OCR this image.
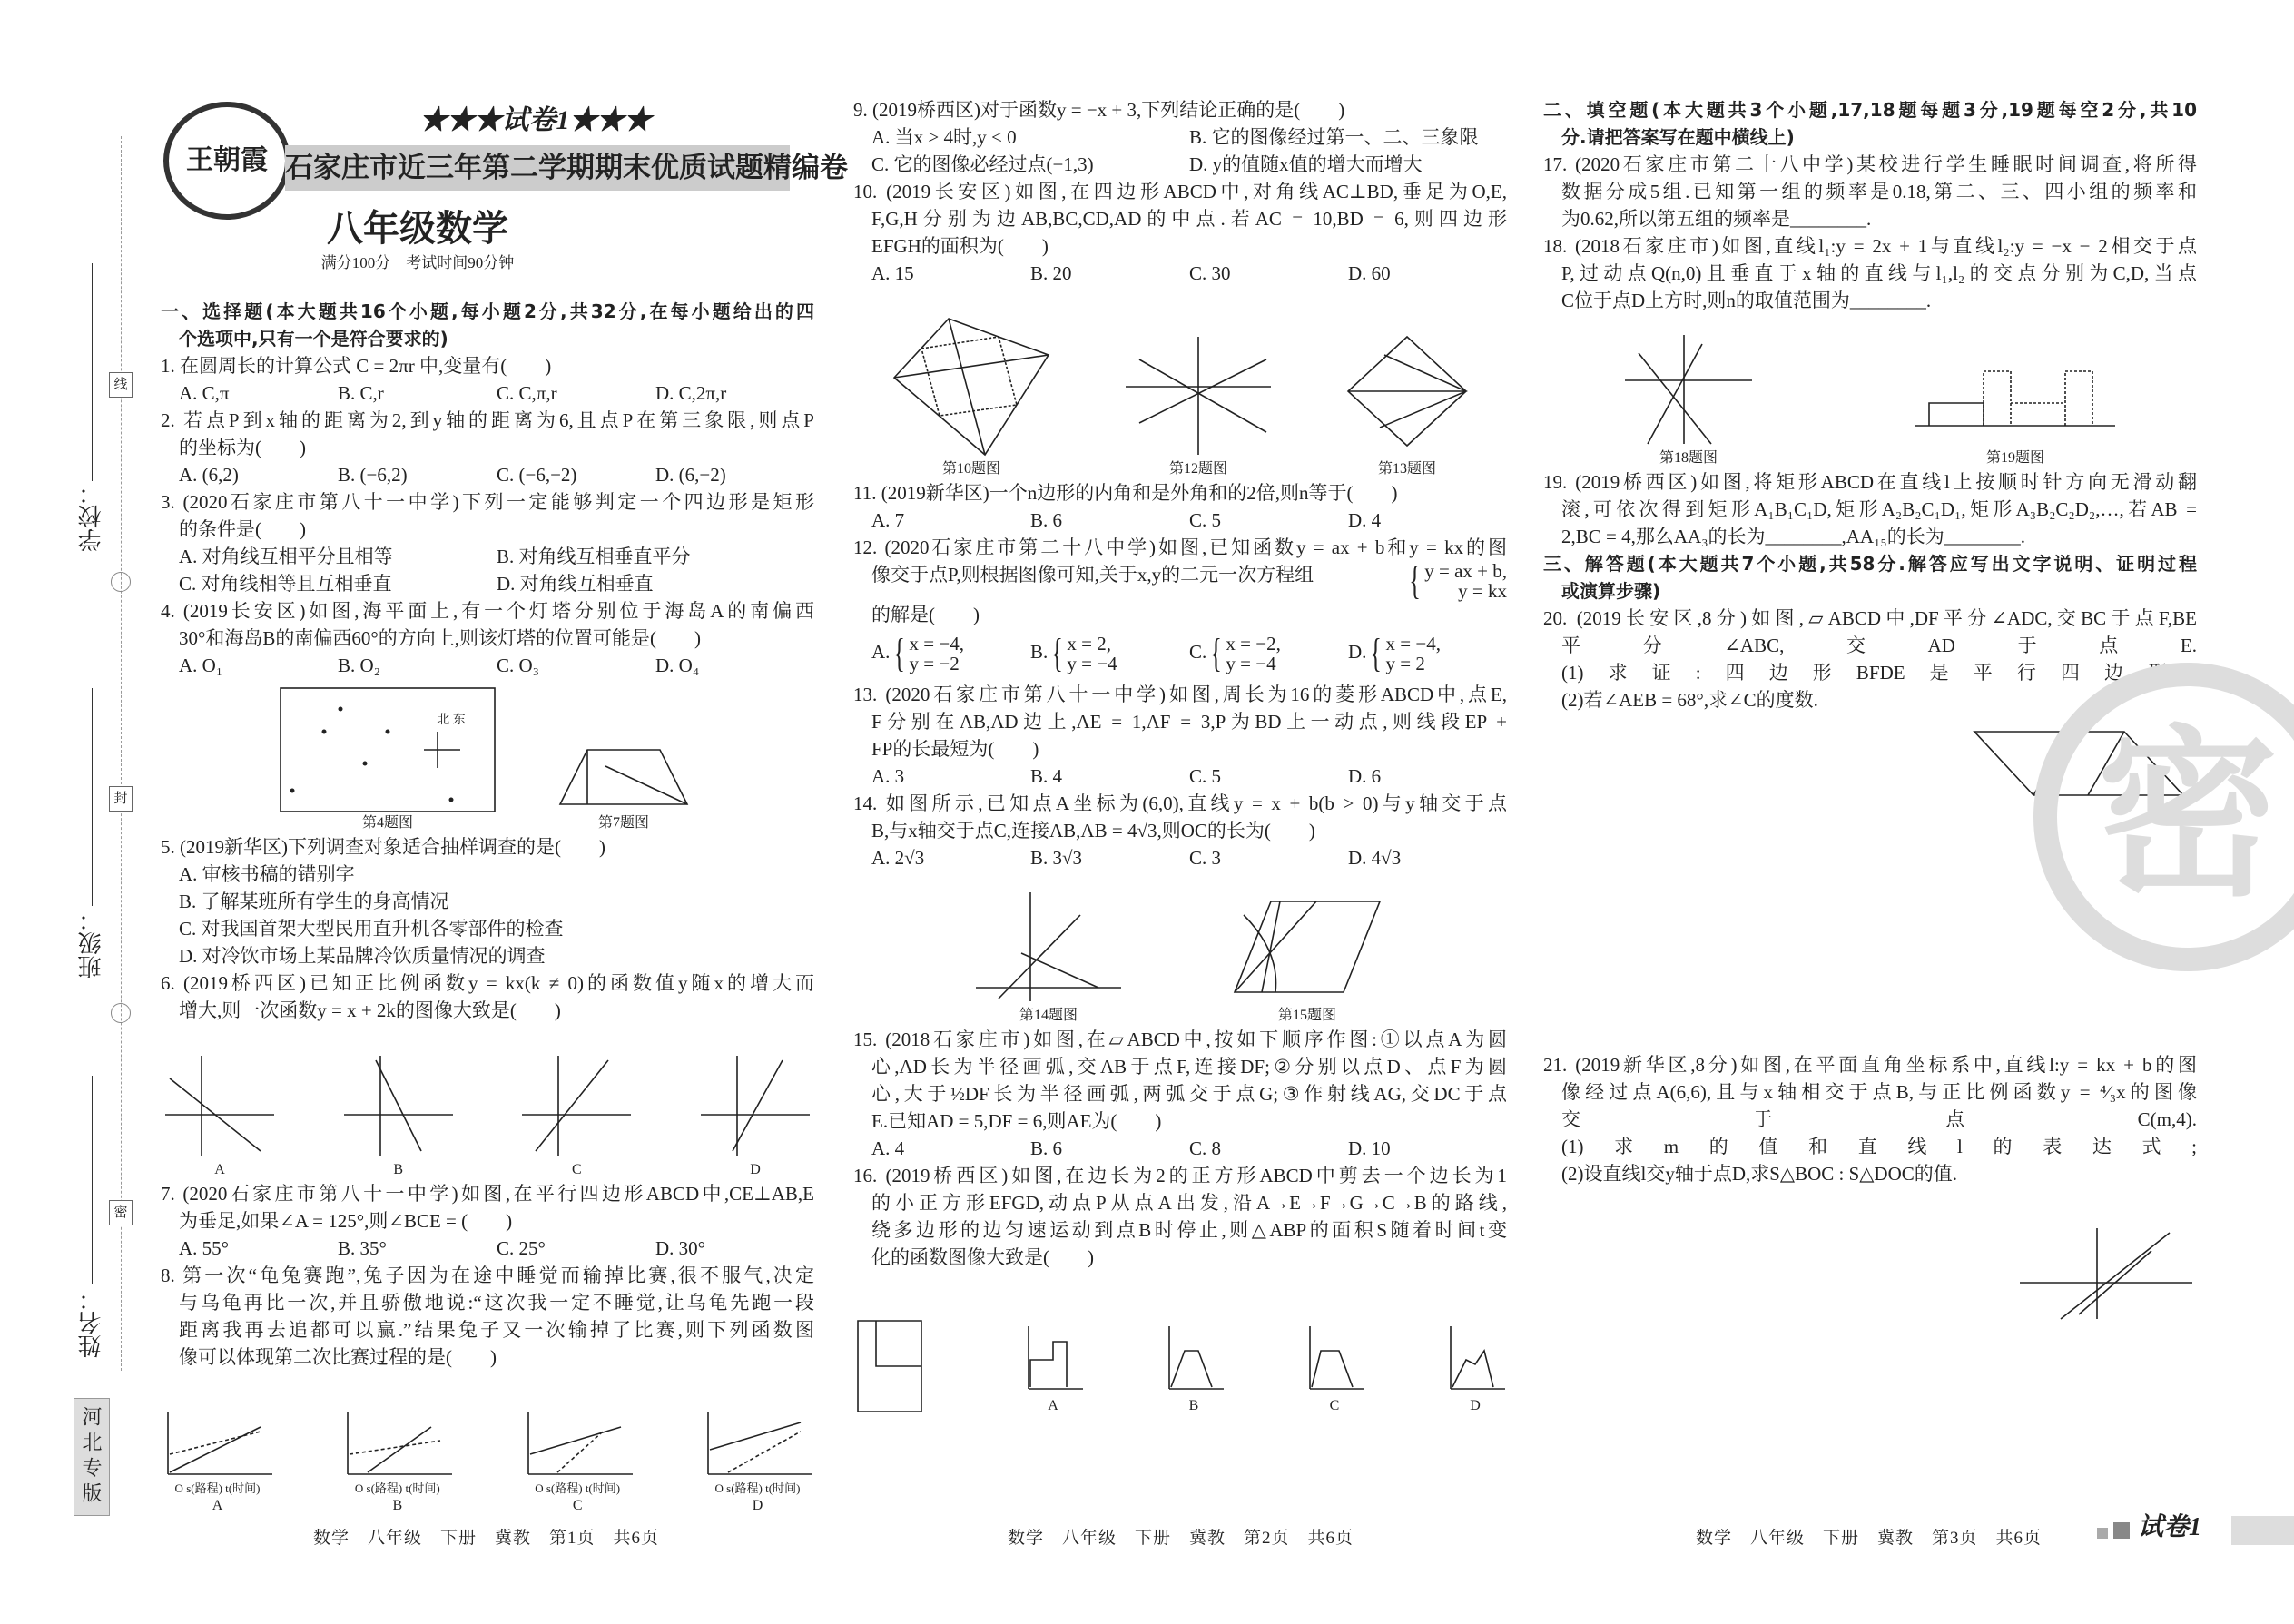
学校：
班级：
姓名：
线
封
密
河北专版
王朝霞
★★★试卷1★★★
石家庄市近三年第二学期期末优质试题精编卷
八年级数学
满分100分　考试时间90分钟
一、选择题(本大题共16个小题,每小题2分,共32分,在每小题给出的四
个选项中,只有一个是符合要求的)
1. 在圆周长的计算公式 C = 2πr 中,变量有(　　)
A. C,π	B. C,r	C. C,π,r	D. C,2π,r
2. 若点P到x轴的距离为2,到y轴的距离为6,且点P在第三象限,则点P
的坐标为(　　)
A. (6,2)	B. (−6,2)	C. (−6,−2)	D. (6,−2)
3. (2020石家庄市第八十一中学)下列一定能够判定一个四边形是矩形
的条件是(　　)
A. 对角线互相平分且相等	B. 对角线互相垂直平分
C. 对角线相等且互相垂直	D. 对角线互相垂直
4. (2019长安区)如图,海平面上,有一个灯塔分别位于海岛A的南偏西
30°和海岛B的南偏西60°的方向上,则该灯塔的位置可能是(　　)
A. O₁	B. O₂	C. O₃	D. O₄
北 东
第4题图	第7题图
5. (2019新华区)下列调查对象适合抽样调查的是(　　)
A. 审核书稿的错别字
B. 了解某班所有学生的身高情况
C. 对我国首架大型民用直升机各零部件的检查
D. 对冷饮市场上某品牌冷饮质量情况的调查
6. (2019桥西区)已知正比例函数y = kx(k ≠ 0)的函数值y随x的增大而
增大,则一次函数y = x + 2k的图像大致是(　　)
A	B	C	D
7. (2020石家庄市第八十一中学)如图,在平行四边形ABCD中,CE⊥AB,E
为垂足,如果∠A = 125°,则∠BCE = (　　)
A. 55°	B. 35°	C. 25°	D. 30°
8. 第一次“龟兔赛跑”,兔子因为在途中睡觉而输掉比赛,很不服气,决定
与乌龟再比一次,并且骄傲地说:“这次我一定不睡觉,让乌龟先跑一段
距离我再去追都可以赢.”结果兔子又一次输掉了比赛,则下列函数图
像可以体现第二次比赛过程的是(　　)
O s(路程) t(时间)
A
O s(路程) t(时间)
B
O s(路程) t(时间)
C
O s(路程) t(时间)
D
9. (2019桥西区)对于函数y = −x + 3,下列结论正确的是(　　)
A. 当x > 4时,y < 0	B. 它的图像经过第一、二、三象限
C. 它的图像必经过点(−1,3)	D. y的值随x值的增大而增大
10. (2019长安区)如图,在四边形ABCD中,对角线AC⊥BD,垂足为O,E,
F,G,H分别为边AB,BC,CD,AD的中点.若AC = 10,BD = 6,则四边形
EFGH的面积为(　　)
A. 15	B. 20	C. 30	D. 60
第10题图	第12题图	第13题图
11. (2019新华区)一个n边形的内角和是外角和的2倍,则n等于(　　)
A. 7	B. 6	C. 5	D. 4
12. (2020石家庄市第二十八中学)如图,已知函数y = ax + b和y = kx的图
像交于点P,则根据图像可知,关于x,y的二元一次方程组	{ y = ax + b,
y = kx
的解是(　　)
A. { x = −4,
y = −2
B. { x = 2,
y = −4
C. { x = −2,
y = −4
D. { x = −4,
y = 2
13. (2020石家庄市第八十一中学)如图,周长为16的菱形ABCD中,点E,
F分别在AB,AD边上,AE = 1,AF = 3,P为BD上一动点,则线段EP +
FP的长最短为(　　)
A. 3	B. 4	C. 5	D. 6
14. 如图所示,已知点A坐标为(6,0),直线y = x + b(b > 0)与y轴交于点
B,与x轴交于点C,连接AB,AB = 4√3,则OC的长为(　　)
A. 2√3	B. 3√3	C. 3	D. 4√3
第14题图	第15题图
15. (2018石家庄市)如图,在▱ABCD中,按如下顺序作图:①以点A为圆
心,AD长为半径画弧,交AB于点F,连接DF;②分别以点D、点F为圆
心,大于½DF长为半径画弧,两弧交于点G;③作射线AG,交DC于点
E.已知AD = 5,DF = 6,则AE为(　　)
A. 4	B. 6	C. 8	D. 10
16. (2019桥西区)如图,在边长为2的正方形ABCD中剪去一个边长为1
的小正方形EFGD,动点P从点A出发,沿A→E→F→G→C→B的路线,
绕多边形的边匀速运动到点B时停止,则△ABP的面积S随着时间t变
化的函数图像大致是(　　)
A	B	C	D
二、填空题(本大题共3个小题,17,18题每题3分,19题每空2分,共10
分.请把答案写在题中横线上)
17. (2020石家庄市第二十八中学)某校进行学生睡眠时间调查,将所得
数据分成5组.已知第一组的频率是0.18,第二、三、四小组的频率和
为0.62,所以第五组的频率是________.
18. (2018石家庄市)如图,直线l₁:y = 2x + 1与直线l₂:y = −x − 2相交于点
P,过动点Q(n,0)且垂直于x轴的直线与l₁,l₂的交点分别为C,D,当点
C位于点D上方时,则n的取值范围为________.
第18题图	第19题图
19. (2019桥西区)如图,将矩形ABCD在直线l上按顺时针方向无滑动翻
滚,可依次得到矩形A₁B₁C₁D,矩形A₂B₂C₁D₁,矩形A₃B₂C₂D₂,…,若AB =
2,BC = 4,那么AA₃的长为________,AA₁₅的长为________.
三、解答题(本大题共7个小题,共58分.解答应写出文字说明、证明过程
或演算步骤)
20. (2019长安区,8分)如图,▱ABCD中,DF平分∠ADC,交BC于点F,BE
平分∠ABC,交AD于点E.
(1)求证:四边形BFDE是平行四边形;
(2)若∠AEB = 68°,求∠C的度数.
21. (2019新华区,8分)如图,在平面直角坐标系中,直线l:y = kx + b的图
像经过点A(6,6),且与x轴相交于点B,与正比例函数y = ⁴⁄₃x的图像
交于点C(m,4).
(1)求m的值和直线l的表达式;
(2)设直线l交y轴于点D,求S△BOC : S△DOC的值.
密
数学　八年级　下册　冀教　第1页　共6页	数学　八年级　下册　冀教　第2页　共6页	数学　八年级　下册　冀教　第3页　共6页	试卷1
